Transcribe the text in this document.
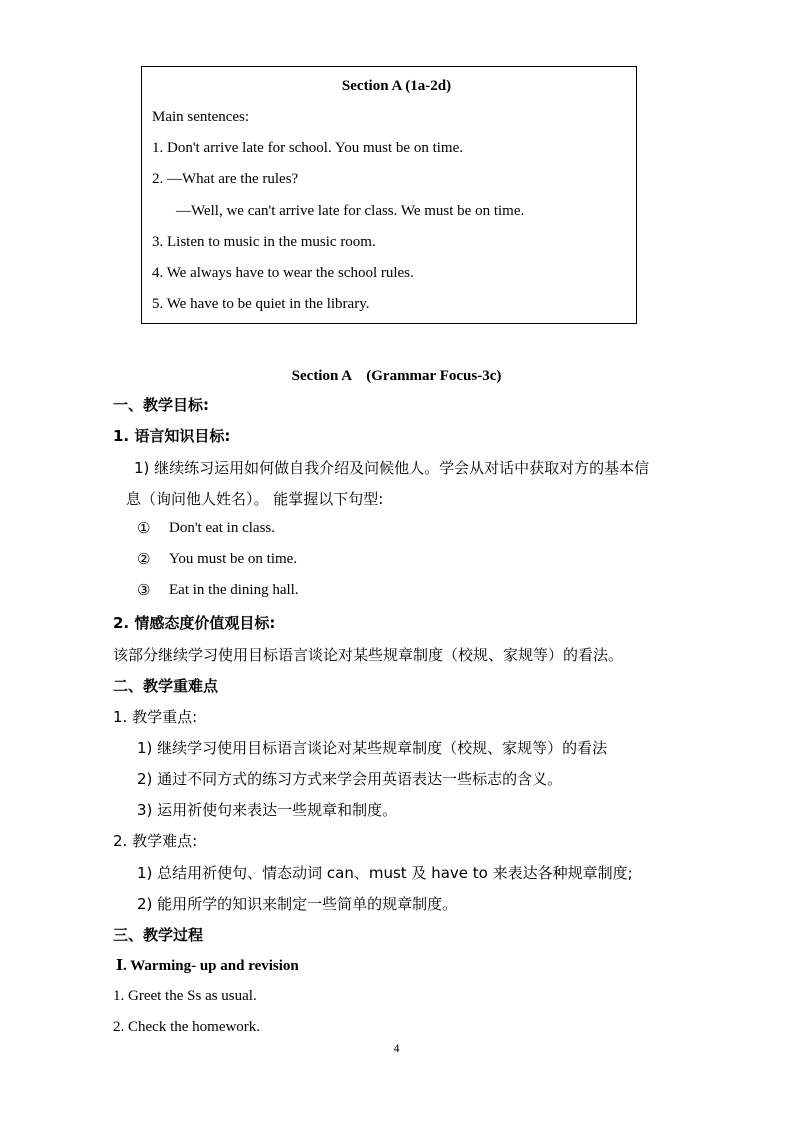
Section A (1a-2d)
Main sentences:
1. Don't arrive late for school. You must be on time.
2. —What are the rules?
—Well, we can't arrive late for class. We must be on time.
3. Listen to music in the music room.
4. We always have to wear the school rules.
5. We have to be quiet in the library.
Section A　(Grammar Focus-3c)
一、教学目标:
1. 语言知识目标:
1) 继续练习运用如何做自我介绍及问候他人。学会从对话中获取对方的基本信
息（询问他人姓名）。 能掌握以下句型:
① Don't eat in class.
② You must be on time.
③ Eat in the dining hall.
2. 情感态度价值观目标:
该部分继续学习使用目标语言谈论对某些规章制度（校规、家规等）的看法。
二、教学重难点
1. 教学重点:
1) 继续学习使用目标语言谈论对某些规章制度（校规、家规等）的看法
2) 通过不同方式的练习方式来学会用英语表达一些标志的含义。
3) 运用祈使句来表达一些规章和制度。
2. 教学难点:
1) 总结用祈使句、情态动词 can、must 及 have to 来表达各种规章制度;
2) 能用所学的知识来制定一些简单的规章制度。
三、教学过程
Ⅰ. Warming- up and revision
1. Greet the Ss as usual.
2. Check the homework.
4
